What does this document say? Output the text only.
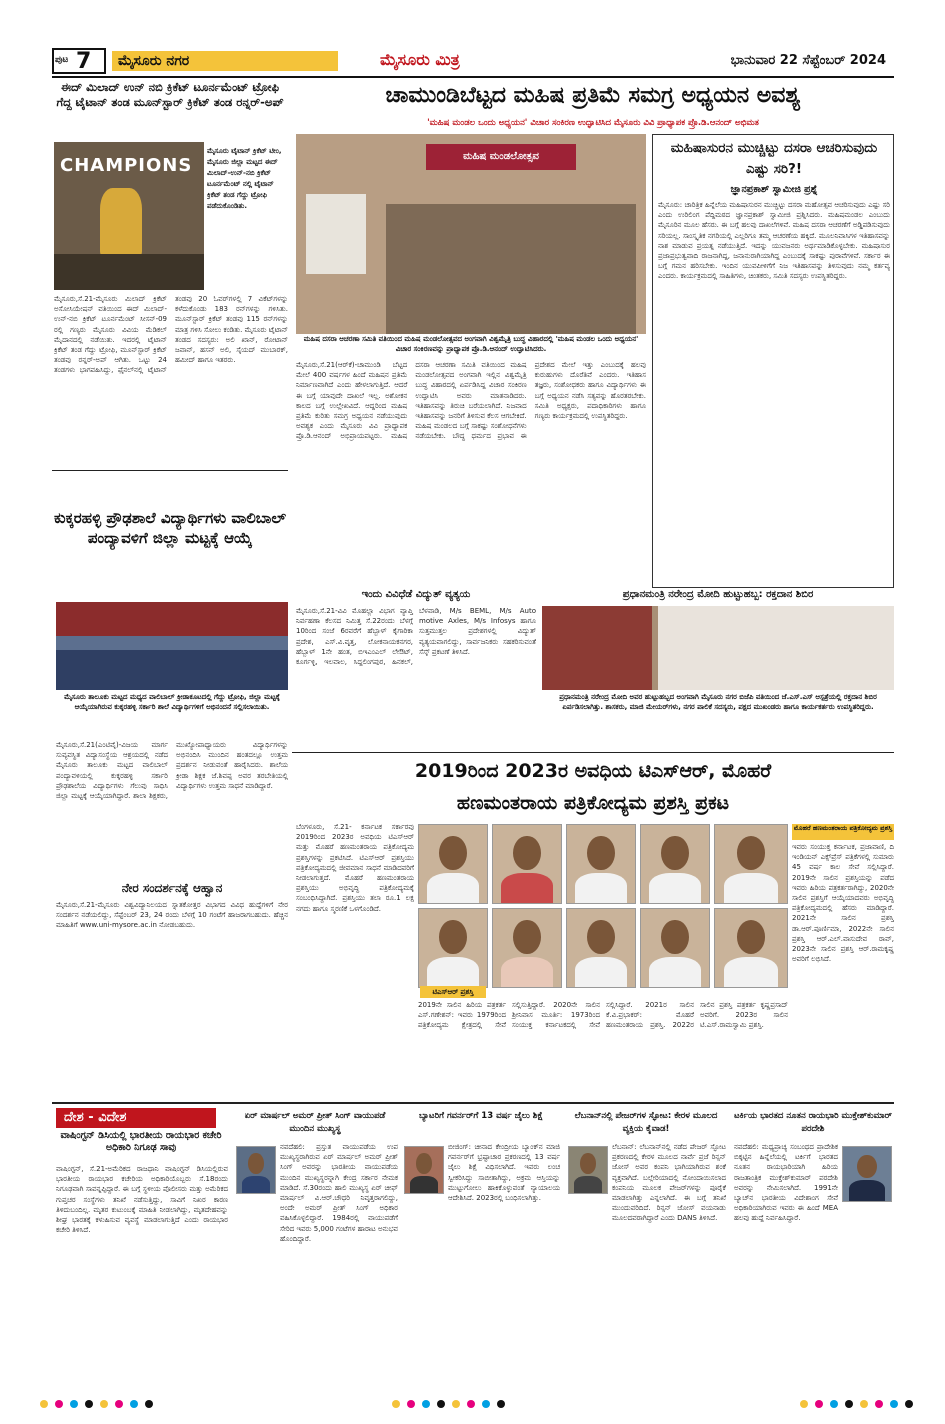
ಪುಟ 7	ಮೈಸೂರು ನಗರ	ಮೈಸೂರು ಮಿತ್ರ	ಭಾನುವಾರ 22 ಸೆಪ್ಟೆಂಬರ್ 2024
ಈದ್ ಮಿಲಾದ್ ಉನ್ ನಬಿ ಕ್ರಿಕೆಟ್ ಟೂರ್ನಮೆಂಟ್ ಟ್ರೋಫಿ ಗೆದ್ದ ಟೈಟಾನ್ ತಂಡ ಮೂನ್‌ಸ್ಟಾರ್ ಕ್ರಿಕೆಟ್ ತಂಡ ರನ್ನರ್-ಅಪ್
CHAMPIONS
ಮೈಸೂರು ಟೈಟಾನ್ ಕ್ರಿಕೆಟ್ ಟೀಂ, ಮೈಸೂರು ಜಿಲ್ಲಾ ಮಟ್ಟದ ಈದ್ ಮಿಲಾದ್-ಉನ್-ನಬಿ ಕ್ರಿಕೆಟ್ ಟೂರ್ನಮೆಂಟ್ ನಲ್ಲಿ ಟೈಟಾನ್ ಕ್ರಿಕೆಟ್ ತಂಡ ಗೆದ್ದು ಟ್ರೋಫಿ ಪಡೆದುಕೊಂಡಿತು.
ಮೈಸೂರು,ಸೆ.21-ಮೈಸೂರು ಮಿಲಾದ್ ಕ್ರಿಕೆಟ್ ಅಸೋಸಿಯೇಷನ್ ವತಿಯಿಂದ ಈದ್ ಮಿಲಾದ್-ಉನ್-ನಬಿ ಕ್ರಿಕೆಟ್ ಟೂರ್ನಮೆಂಟ್ ಸೀಸನ್-09 ರಲ್ಲಿ ಗಣ್ಯರು ಮೈಸೂರು ವಿವಿಯ ಮೆಡಿಕಲ್ ಮೈದಾನದಲ್ಲಿ ನಡೆಯಿತು. ಇದರಲ್ಲಿ ಟೈಟಾನ್ ಕ್ರಿಕೆಟ್ ತಂಡ ಗೆದ್ದು ಟ್ರೋಫಿ, ಮೂನ್‌ಸ್ಟಾರ್ ಕ್ರಿಕೆಟ್ ತಂಡವು ರನ್ನರ್-ಅಪ್ ಆಗಿತು. ಒಟ್ಟು 24 ತಂಡಗಳು ಭಾಗವಹಿಸಿದ್ದು, ಫೈನಲ್‌ನಲ್ಲಿ ಟೈಟಾನ್ ತಂಡವು 20 ಓವರ್‌ಗಳಲ್ಲಿ 7 ವಿಕೆಟ್‌ಗಳನ್ನು ಕಳೆದುಕೊಂಡು 183 ರನ್‌ಗಳನ್ನು ಗಳಿಸಿತು. ಮೂನ್‌ಸ್ಟಾರ್ ಕ್ರಿಕೆಟ್ ತಂಡವು 115 ರನ್‌ಗಳನ್ನು ಮಾತ್ರ ಗಳಿಸಿ ಸೋಲು ಕಂಡಿತು. ಮೈಸೂರು ಟೈಟಾನ್ ತಂಡದ ಸದಸ್ಯರು: ಅಲಿ ಖಾನ್, ರೋಟಾನ್ ಜವಾನ್, ಹಸನ್ ಅಲಿ, ಸೈಯದ್ ಮುಬಾರಕ್, ಹಮೀದ್ ಹಾಗೂ ಇತರರು.
ಕುಕ್ಕರಹಳ್ಳಿ ಪ್ರೌಢಶಾಲೆ ವಿದ್ಯಾರ್ಥಿಗಳು ವಾಲಿಬಾಲ್ ಪಂದ್ಯಾವಳಿಗೆ ಜಿಲ್ಲಾ ಮಟ್ಟಕ್ಕೆ ಆಯ್ಕೆ
ಮೈಸೂರು ತಾಲೂಕು ಮಟ್ಟದ ಮಧ್ಯದ ವಾಲಿಬಾಲ್ ಕ್ರೀಡಾಕೂಟದಲ್ಲಿ ಗೆದ್ದು ಟ್ರೋಫಿ, ಜಿಲ್ಲಾ ಮಟ್ಟಕ್ಕೆ ಆಯ್ಕೆಯಾಗಿರುವ ಕುಕ್ಕರಹಳ್ಳಿ ಸರ್ಕಾರಿ ಶಾಲೆ ವಿದ್ಯಾರ್ಥಿಗಳಿಗೆ ಅಭಿನಂದನೆ ಸಲ್ಲಿಸಲಾಯಿತು.
ಮೈಸೂರು,ಸೆ.21(ಎಂಟಿವೈ)-ವಿಜಯ ಮಾರ್ಗ ಸುವ್ಯವಸ್ಥಿತ ವಿದ್ಯಾಸಂಸ್ಥೆಯ ಆಶ್ರಯದಲ್ಲಿ ನಡೆದ ಮೈಸೂರು ತಾಲೂಕು ಮಟ್ಟದ ವಾಲಿಬಾಲ್ ಪಂದ್ಯಾವಳಿಯಲ್ಲಿ ಕುಕ್ಕರಹಳ್ಳಿ ಸರ್ಕಾರಿ ಪ್ರೌಢಶಾಲೆಯ ವಿದ್ಯಾರ್ಥಿಗಳು ಗೆಲುವು ಸಾಧಿಸಿ ಜಿಲ್ಲಾ ಮಟ್ಟಕ್ಕೆ ಆಯ್ಕೆಯಾಗಿದ್ದಾರೆ. ಶಾಲಾ ಶಿಕ್ಷಕರು, ಮುಖ್ಯೋಪಾಧ್ಯಾಯರು ವಿದ್ಯಾರ್ಥಿಗಳನ್ನು ಅಭಿನಂದಿಸಿ ಮುಂದಿನ ಹಂತದಲ್ಲೂ ಉತ್ತಮ ಪ್ರದರ್ಶನ ನೀಡುವಂತೆ ಹಾರೈಸಿದರು. ಶಾಲೆಯ ಕ್ರೀಡಾ ಶಿಕ್ಷಕ ಜೆ.ಶಿವಪ್ಪ ಅವರ ತರಬೇತಿಯಲ್ಲಿ ವಿದ್ಯಾರ್ಥಿಗಳು ಉತ್ತಮ ಸಾಧನೆ ಮಾಡಿದ್ದಾರೆ.
ನೇರ ಸಂದರ್ಶನಕ್ಕೆ ಆಹ್ವಾನ
ಮೈಸೂರು,ಸೆ.21-ಮೈಸೂರು ವಿಶ್ವವಿದ್ಯಾನಿಲಯದ ಸ್ನಾತಕೋತ್ತರ ವಿಭಾಗದ ವಿವಿಧ ಹುದ್ದೆಗಳಿಗೆ ನೇರ ಸಂದರ್ಶನ ನಡೆಯಲಿದ್ದು, ಸೆಪ್ಟೆಂಬರ್ 23, 24 ರಂದು ಬೆಳಗ್ಗೆ 10 ಗಂಟೆಗೆ ಹಾಜರಾಗಬಹುದು. ಹೆಚ್ಚಿನ ಮಾಹಿತಿಗೆ www.uni-mysore.ac.in ನೋಡಬಹುದು.
ಚಾಮುಂಡಿಬೆಟ್ಟದ ಮಹಿಷ ಪ್ರತಿಮೆ ಸಮಗ್ರ ಅಧ್ಯಯನ ಅವಶ್ಯ
'ಮಹಿಷ ಮಂಡಲ ಒಂದು ಅಧ್ಯಯನ' ವಿಚಾರ ಸಂಕಿರಣ ಉದ್ಘಾಟಿಸಿದ ಮೈಸೂರು ವಿವಿ ಪ್ರಾಧ್ಯಾಪಕ ಪ್ರೊ.ಡಿ.ಆನಂದ್ ಅಭಿಮತ
ಮಹಿಷ ಮಂಡಲೋತ್ಸವ
ಮಹಿಷ ದಸರಾ ಆಚರಣಾ ಸಮಿತಿ ವತಿಯಿಂದ ಮಹಿಷ ಮಂಡಲೋತ್ಸವದ ಅಂಗವಾಗಿ ವಿಶ್ವಮೈತ್ರಿ ಬುದ್ಧ ವಿಹಾರದಲ್ಲಿ 'ಮಹಿಷ ಮಂಡಲ ಒಂದು ಅಧ್ಯಯನ' ವಿಚಾರ ಸಂಕಿರಣವನ್ನು ಪ್ರಾಧ್ಯಾಪಕ ಪ್ರೊ.ಡಿ.ಆನಂದ್ ಉದ್ಘಾಟಿಸಿದರು.
ಮೈಸೂರು,ಸೆ.21(ಆರ್‌ಕೆ)-ಚಾಮುಂಡಿ ಬೆಟ್ಟದ ಮೇಲೆ 400 ವರ್ಷಗಳ ಹಿಂದೆ ಮಹಿಷನ ಪ್ರತಿಮೆ ನಿರ್ಮಾಣವಾಗಿದೆ ಎಂದು ಹೇಳಲಾಗುತ್ತಿದೆ. ಆದರೆ ಈ ಬಗ್ಗೆ ಯಾವುದೇ ದಾಖಲೆ ಇಲ್ಲ. ಅಶೋಕನ ಕಾಲದ ಬಗ್ಗೆ ಉಲ್ಲೇಖವಿದೆ. ಆದ್ದರಿಂದ ಮಹಿಷ ಪ್ರತಿಮೆ ಕುರಿತು ಸಮಗ್ರ ಅಧ್ಯಯನ ನಡೆಯುವುದು ಅವಶ್ಯಕ ಎಂದು ಮೈಸೂರು ವಿವಿ ಪ್ರಾಧ್ಯಾಪಕ ಪ್ರೊ.ಡಿ.ಆನಂದ್ ಅಭಿಪ್ರಾಯಪಟ್ಟರು. ಮಹಿಷ ದಸರಾ ಆಚರಣಾ ಸಮಿತಿ ವತಿಯಿಂದ ಮಹಿಷ ಮಂಡಲೋತ್ಸವದ ಅಂಗವಾಗಿ ಇಲ್ಲಿನ ವಿಶ್ವಮೈತ್ರಿ ಬುದ್ಧ ವಿಹಾರದಲ್ಲಿ ಏರ್ಪಡಿಸಿದ್ದ ವಿಚಾರ ಸಂಕಿರಣ ಉದ್ಘಾಟಿಸಿ ಅವರು ಮಾತನಾಡಿದರು. ಇತಿಹಾಸವನ್ನು ತಿರುಚಿ ಬರೆಯಲಾಗಿದೆ. ನಿಜವಾದ ಇತಿಹಾಸವನ್ನು ಜನರಿಗೆ ತಿಳಿಸುವ ಕೆಲಸ ಆಗಬೇಕಿದೆ. ಮಹಿಷ ಮಂಡಲದ ಬಗ್ಗೆ ಸಾಕಷ್ಟು ಸಂಶೋಧನೆಗಳು ನಡೆಯಬೇಕು. ಬೌದ್ಧ ಧರ್ಮದ ಪ್ರಭಾವ ಈ ಪ್ರದೇಶದ ಮೇಲೆ ಇತ್ತು ಎಂಬುದಕ್ಕೆ ಹಲವು ಕುರುಹುಗಳು ದೊರೆತಿವೆ ಎಂದರು. ಇತಿಹಾಸ ತಜ್ಞರು, ಸಂಶೋಧಕರು ಹಾಗೂ ವಿದ್ಯಾರ್ಥಿಗಳು ಈ ಬಗ್ಗೆ ಅಧ್ಯಯನ ನಡೆಸಿ ಸತ್ಯವನ್ನು ಹೊರತರಬೇಕು. ಸಮಿತಿ ಅಧ್ಯಕ್ಷರು, ಪದಾಧಿಕಾರಿಗಳು ಹಾಗೂ ಗಣ್ಯರು ಕಾರ್ಯಕ್ರಮದಲ್ಲಿ ಉಪಸ್ಥಿತರಿದ್ದರು.
ಮಹಿಷಾಸುರನ ಮುಚ್ಚಿಟ್ಟು ದಸರಾ ಆಚರಿಸುವುದು ಎಷ್ಟು ಸರಿ?!
ಜ್ಞಾನಪ್ರಕಾಶ್ ಸ್ವಾಮೀಜಿ ಪ್ರಶ್ನೆ
ಮೈಸೂರು: ಚಾರಿತ್ರಿಕ ಹಿನ್ನೆಲೆಯ ಮಹಿಷಾಸುರನ ಮುಚ್ಚಿಟ್ಟು ದಸರಾ ಮಹೋತ್ಸವ ಆಚರಿಸುವುದು ಎಷ್ಟು ಸರಿ ಎಂದು ಉರಿಲಿಂಗ ಪೆದ್ದಿಮಠದ ಜ್ಞಾನಪ್ರಕಾಶ್ ಸ್ವಾಮೀಜಿ ಪ್ರಶ್ನಿಸಿದರು. ಮಹಿಷಮಂಡಲ ಎಂಬುದು ಮೈಸೂರಿನ ಮೂಲ ಹೆಸರು. ಈ ಬಗ್ಗೆ ಹಲವು ದಾಖಲೆಗಳಿವೆ. ಮಹಿಷ ದಸರಾ ಆಚರಣೆಗೆ ಅಡ್ಡಿಪಡಿಸುವುದು ಸರಿಯಲ್ಲ. ಸಾಂಸ್ಕೃತಿಕ ನಗರಿಯಲ್ಲಿ ಎಲ್ಲರಿಗೂ ತಮ್ಮ ಆಚರಣೆಯ ಹಕ್ಕಿದೆ. ಮೂಲನಿವಾಸಿಗಳ ಇತಿಹಾಸವನ್ನು ನಾಶ ಮಾಡುವ ಪ್ರಯತ್ನ ನಡೆಯುತ್ತಿದೆ. ಇದನ್ನು ಯುವಜನರು ಅರ್ಥಮಾಡಿಕೊಳ್ಳಬೇಕು. ಮಹಿಷಾಸುರ ಪ್ರಜಾಪ್ರಭುತ್ವವಾದಿ ರಾಜನಾಗಿದ್ದ, ಜನಾನುರಾಗಿಯಾಗಿದ್ದ ಎಂಬುದಕ್ಕೆ ಸಾಕಷ್ಟು ಪುರಾವೆಗಳಿವೆ. ಸರ್ಕಾರ ಈ ಬಗ್ಗೆ ಗಮನ ಹರಿಸಬೇಕು. ಇಂದಿನ ಯುವಪೀಳಿಗೆಗೆ ನಿಜ ಇತಿಹಾಸವನ್ನು ತಿಳಿಸುವುದು ನಮ್ಮ ಕರ್ತವ್ಯ ಎಂದರು. ಕಾರ್ಯಕ್ರಮದಲ್ಲಿ ಸಾಹಿತಿಗಳು, ಚಿಂತಕರು, ಸಮಿತಿ ಸದಸ್ಯರು ಉಪಸ್ಥಿತರಿದ್ದರು.
ಇಂದು ವಿವಿಧೆಡೆ ವಿದ್ಯುತ್ ವ್ಯತ್ಯಯ
ಮೈಸೂರು,ಸೆ.21-ವಿವಿ ಮೊಹಲ್ಲಾ ವಿಭಾಗ ವ್ಯಾಪ್ತಿ ನಿರ್ವಹಣಾ ಕೆಲಸದ ನಿಮಿತ್ತ ಸೆ.22ರಂದು ಬೆಳಗ್ಗೆ 10ರಿಂದ ಸಂಜೆ 6ರವರೆಗೆ ಹೆಬ್ಬಾಳ್ ಕೈಗಾರಿಕಾ ಪ್ರದೇಶ, ಎಸ್.ವಿ.ವೃತ್ತ, ಲೋಕನಾಯಕನಗರ, ಹೆಬ್ಬಾಳ್ 1ನೇ ಹಂತ, ಬಿಇಎಂಎಲ್ ಲೇಔಟ್, ಕೂರ್ಗಳ್ಳಿ, ಇಲವಾಲ, ಸಿದ್ದಲಿಂಗಪುರ, ಹಿನಕಲ್, ಬೆಳವಾಡಿ, M/s BEML, M/s Auto motive Axles, M/s Infosys ಹಾಗೂ ಸುತ್ತಮುತ್ತಲ ಪ್ರದೇಶಗಳಲ್ಲಿ ವಿದ್ಯುತ್ ವ್ಯತ್ಯಯವಾಗಲಿದ್ದು, ಸಾರ್ವಜನಿಕರು ಸಹಕರಿಸುವಂತೆ ಸೆಸ್ಕ್ ಪ್ರಕಟಣೆ ತಿಳಿಸಿದೆ.
ಪ್ರಧಾನಮಂತ್ರಿ ನರೇಂದ್ರ ಮೋದಿ ಹುಟ್ಟುಹಬ್ಬ: ರಕ್ತದಾನ ಶಿಬಿರ
ಪ್ರಧಾನಮಂತ್ರಿ ನರೇಂದ್ರ ಮೋದಿ ಅವರ ಹುಟ್ಟುಹಬ್ಬದ ಅಂಗವಾಗಿ ಮೈಸೂರು ನಗರ ಬಿಜೆಪಿ ವತಿಯಿಂದ ಜೆ.ಎಸ್.ಎಸ್ ಆಸ್ಪತ್ರೆಯಲ್ಲಿ ರಕ್ತದಾನ ಶಿಬಿರ ಏರ್ಪಡಿಸಲಾಗಿತ್ತು. ಶಾಸಕರು, ಮಾಜಿ ಮೇಯರ್‌ಗಳು, ನಗರ ಪಾಲಿಕೆ ಸದಸ್ಯರು, ಪಕ್ಷದ ಮುಖಂಡರು ಹಾಗೂ ಕಾರ್ಯಕರ್ತರು ಉಪಸ್ಥಿತರಿದ್ದರು.
2019ರಿಂದ 2023ರ ಅವಧಿಯ ಟಿಎಸ್‌ಆರ್, ಮೊಹರೆ
ಹಣಮಂತರಾಯ ಪತ್ರಿಕೋದ್ಯಮ ಪ್ರಶಸ್ತಿ ಪ್ರಕಟ
ಬೆಂಗಳೂರು, ಸೆ.21- ಕರ್ನಾಟಕ ಸರ್ಕಾರವು 2019ರಿಂದ 2023ರ ಅವಧಿಯ ಟಿಎಸ್‌ಆರ್ ಮತ್ತು ಮೊಹರೆ ಹಣಮಂತರಾಯ ಪತ್ರಿಕೋದ್ಯಮ ಪ್ರಶಸ್ತಿಗಳನ್ನು ಪ್ರಕಟಿಸಿದೆ. ಟಿಎಸ್‌ಆರ್ ಪ್ರಶಸ್ತಿಯು ಪತ್ರಿಕೋದ್ಯಮದಲ್ಲಿ ಜೀವಮಾನ ಸಾಧನೆ ಮಾಡಿದವರಿಗೆ ನೀಡಲಾಗುತ್ತದೆ. ಮೊಹರೆ ಹಣಮಂತರಾಯ ಪ್ರಶಸ್ತಿಯು ಅಭಿವೃದ್ಧಿ ಪತ್ರಿಕೋದ್ಯಮಕ್ಕೆ ಸಂಬಂಧಿಸಿದ್ದಾಗಿದೆ. ಪ್ರಶಸ್ತಿಯು ತಲಾ ರೂ.1 ಲಕ್ಷ ನಗದು ಹಾಗೂ ಸ್ಮರಣಿಕೆ ಒಳಗೊಂಡಿದೆ.
ಟಿಎಸ್‌ಆರ್ ಪ್ರಶಸ್ತಿ
ಮೊಹರೆ ಹಣಮಂತರಾಯ ಪತ್ರಿಕೋದ್ಯಮ ಪ್ರಶಸ್ತಿ
ಇವರು ಸಂಯುಕ್ತ ಕರ್ನಾಟಕ, ಪ್ರಜಾವಾಣಿ, ದಿ ಇಂಡಿಯನ್ ಎಕ್ಸ್‌ಪ್ರೆಸ್ ಪತ್ರಿಕೆಗಳಲ್ಲಿ ಸುಮಾರು 45 ವರ್ಷ ಕಾಲ ಸೇವೆ ಸಲ್ಲಿಸಿದ್ದಾರೆ. 2019ನೇ ಸಾಲಿನ ಪ್ರಶಸ್ತಿಯನ್ನು ಪಡೆದ ಇವರು ಹಿರಿಯ ಪತ್ರಕರ್ತರಾಗಿದ್ದು, 2020ನೇ ಸಾಲಿನ ಪ್ರಶಸ್ತಿಗೆ ಆಯ್ಕೆಯಾದವರು ಅಭಿವೃದ್ಧಿ ಪತ್ರಿಕೋದ್ಯಮದಲ್ಲಿ ಹೆಸರು ಮಾಡಿದ್ದಾರೆ. 2021ನೇ ಸಾಲಿನ ಪ್ರಶಸ್ತಿ ಡಾ.ಆರ್.ಪೂರ್ಣಿಮಾ, 2022ನೇ ಸಾಲಿನ ಪ್ರಶಸ್ತಿ ಆರ್.ಎಲ್.ವಾಸುದೇವ ರಾವ್, 2023ನೇ ಸಾಲಿನ ಪ್ರಶಸ್ತಿ ಆರ್.ರಾಮಕೃಷ್ಣ ಅವರಿಗೆ ಲಭಿಸಿದೆ.
2019ನೇ ಸಾಲಿನ ಹಿರಿಯ ಪತ್ರಕರ್ತ ಎಸ್.ಗಣೇಶನ್: ಇವರು 1979ರಿಂದ ಪತ್ರಿಕೋದ್ಯಮ ಕ್ಷೇತ್ರದಲ್ಲಿ ಸೇವೆ ಸಲ್ಲಿಸುತ್ತಿದ್ದಾರೆ. 2020ನೇ ಸಾಲಿನ ಶ್ರೀನಿವಾಸ ಮೂರ್ತಿ: 1973ರಿಂದ ಸಂಯುಕ್ತ ಕರ್ನಾಟಕದಲ್ಲಿ ಸೇವೆ ಸಲ್ಲಿಸಿದ್ದಾರೆ. 2021ರ ಸಾಲಿನ ಕೆ.ವಿ.ಪ್ರಭಾಕರ್: ಮೊಹರೆ ಹಣಮಂತರಾಯ ಪ್ರಶಸ್ತಿ. 2022ರ ಸಾಲಿನ ಪ್ರಶಸ್ತಿ ಪತ್ರಕರ್ತ ಕೃಷ್ಣಪ್ರಸಾದ್ ಅವರಿಗೆ. 2023ರ ಸಾಲಿನ ಟಿ.ಎಸ್.ರಾಮಸ್ವಾಮಿ ಪ್ರಶಸ್ತಿ.
ದೇಶ - ವಿದೇಶ
ವಾಷಿಂಗ್ಟನ್ ಡಿಸಿಯಲ್ಲಿ ಭಾರತೀಯ ರಾಯಭಾರ ಕಚೇರಿ ಅಧಿಕಾರಿ ನಿಗೂಢ ಸಾವು
ವಾಷಿಂಗ್ಟನ್, ಸೆ.21-ಅಮೆರಿಕದ ರಾಜಧಾನಿ ವಾಷಿಂಗ್ಟನ್ ಡಿಸಿಯಲ್ಲಿರುವ ಭಾರತೀಯ ರಾಯಭಾರ ಕಚೇರಿಯ ಅಧಿಕಾರಿಯೊಬ್ಬರು ಸೆ.18ರಂದು ನಿಗೂಢವಾಗಿ ಸಾವನ್ನಪ್ಪಿದ್ದಾರೆ. ಈ ಬಗ್ಗೆ ಸ್ಥಳೀಯ ಪೊಲೀಸರು ಮತ್ತು ಅಮೆರಿಕದ ಗುಪ್ತಚರ ಸಂಸ್ಥೆಗಳು ತನಿಖೆ ನಡೆಸುತ್ತಿದ್ದು, ಸಾವಿಗೆ ನಿಖರ ಕಾರಣ ತಿಳಿದುಬಂದಿಲ್ಲ. ಮೃತರ ಕುಟುಂಬಕ್ಕೆ ಮಾಹಿತಿ ನೀಡಲಾಗಿದ್ದು, ಮೃತದೇಹವನ್ನು ಶೀಘ್ರ ಭಾರತಕ್ಕೆ ಕಳುಹಿಸುವ ವ್ಯವಸ್ಥೆ ಮಾಡಲಾಗುತ್ತಿದೆ ಎಂದು ರಾಯಭಾರ ಕಚೇರಿ ತಿಳಿಸಿದೆ.
ಏರ್ ಮಾರ್ಷಲ್ ಅಮರ್ ಪ್ರೀತ್ ಸಿಂಗ್ ವಾಯುಪಡೆ ಮುಂದಿನ ಮುಖ್ಯಸ್ಥ
ನವದೆಹಲಿ: ಪ್ರಸ್ತುತ ವಾಯುಪಡೆಯ ಉಪ ಮುಖ್ಯಸ್ಥರಾಗಿರುವ ಏರ್ ಮಾರ್ಷಲ್ ಅಮರ್ ಪ್ರೀತ್ ಸಿಂಗ್ ಅವರನ್ನು ಭಾರತೀಯ ವಾಯುಪಡೆಯ ಮುಂದಿನ ಮುಖ್ಯಸ್ಥರನ್ನಾಗಿ ಕೇಂದ್ರ ಸರ್ಕಾರ ನೇಮಕ ಮಾಡಿದೆ. ಸೆ.30ರಂದು ಹಾಲಿ ಮುಖ್ಯಸ್ಥ ಏರ್ ಚೀಫ್ ಮಾರ್ಷಲ್ ವಿ.ಆರ್.ಚೌಧರಿ ನಿವೃತ್ತರಾಗಲಿದ್ದು, ಅಂದೇ ಅಮರ್ ಪ್ರೀತ್ ಸಿಂಗ್ ಅಧಿಕಾರ ವಹಿಸಿಕೊಳ್ಳಲಿದ್ದಾರೆ. 1984ರಲ್ಲಿ ವಾಯುಪಡೆಗೆ ಸೇರಿದ ಇವರು 5,000 ಗಂಟೆಗಳ ಹಾರಾಟ ಅನುಭವ ಹೊಂದಿದ್ದಾರೆ.
ಬ್ಯಾಟರಿಗೆ ಗವರ್ನರ್‌ಗೆ 13 ವರ್ಷ ಜೈಲು ಶಿಕ್ಷೆ
ಬೀಜಿಂಗ್: ಚೀನಾದ ಕೇಂದ್ರೀಯ ಬ್ಯಾಂಕ್‌ನ ಮಾಜಿ ಗವರ್ನರ್‌ಗೆ ಭ್ರಷ್ಟಾಚಾರ ಪ್ರಕರಣದಲ್ಲಿ 13 ವರ್ಷ ಜೈಲು ಶಿಕ್ಷೆ ವಿಧಿಸಲಾಗಿದೆ. ಇವರು ಲಂಚ ಸ್ವೀಕರಿಸಿದ್ದು ಸಾಬೀತಾಗಿದ್ದು, ಅಕ್ರಮ ಆಸ್ತಿಯನ್ನು ಮುಟ್ಟುಗೋಲು ಹಾಕಿಕೊಳ್ಳುವಂತೆ ನ್ಯಾಯಾಲಯ ಆದೇಶಿಸಿದೆ. 2023ರಲ್ಲಿ ಬಂಧಿಸಲಾಗಿತ್ತು.
ಲೆಬನಾನ್‌ನಲ್ಲಿ ಪೇಜರ್‌ಗಳ ಸ್ಫೋಟ: ಕೇರಳ ಮೂಲದ ವ್ಯಕ್ತಿಯ ಕೈವಾಡ!
ಲೆಬನಾನ್: ಲೆಬನಾನ್‌ನಲ್ಲಿ ನಡೆದ ಪೇಜರ್ ಸ್ಫೋಟ ಪ್ರಕರಣದಲ್ಲಿ ಕೇರಳ ಮೂಲದ ನಾರ್ವೆ ಪ್ರಜೆ ರಿನ್ಸನ್ ಜೋಸ್ ಅವರ ಕಂಪನಿ ಭಾಗಿಯಾಗಿರುವ ಶಂಕೆ ವ್ಯಕ್ತವಾಗಿದೆ. ಬಲ್ಗೇರಿಯಾದಲ್ಲಿ ನೋಂದಾಯಿಸಲಾದ ಕಂಪನಿಯ ಮೂಲಕ ಪೇಜರ್‌ಗಳನ್ನು ಪೂರೈಕೆ ಮಾಡಲಾಗಿತ್ತು ಎನ್ನಲಾಗಿದೆ. ಈ ಬಗ್ಗೆ ತನಿಖೆ ಮುಂದುವರಿದಿದೆ. ರಿನ್ಸನ್ ಜೋಸ್ ವಯನಾಡು ಮೂಲದವರಾಗಿದ್ದಾರೆ ಎಂದು DANS ತಿಳಿಸಿದೆ.
ಟರ್ಕಿಯ ಭಾರತದ ನೂತನ ರಾಯಭಾರಿ ಮುಕ್ತೇಶ್‌ಕುಮಾರ್ ಪರದೇಶಿ
ನವದೆಹಲಿ: ಮಧ್ಯಪ್ರಾಚ್ಯ ಸಂಬಂಧದ ಪ್ರಾದೇಶಿಕ ಬಿಕ್ಕಟ್ಟಿನ ಹಿನ್ನೆಲೆಯಲ್ಲಿ ಟರ್ಕಿಗೆ ಭಾರತದ ನೂತನ ರಾಯಭಾರಿಯಾಗಿ ಹಿರಿಯ ರಾಜತಾಂತ್ರಿಕ ಮುಕ್ತೇಶ್‌ಕುಮಾರ್ ಪರದೇಶಿ ಅವರನ್ನು ನೇಮಿಸಲಾಗಿದೆ. 1991ನೇ ಬ್ಯಾಚ್‌ನ ಭಾರತೀಯ ವಿದೇಶಾಂಗ ಸೇವೆ ಅಧಿಕಾರಿಯಾಗಿರುವ ಇವರು ಈ ಹಿಂದೆ MEA ಹಲವು ಹುದ್ದೆ ನಿರ್ವಹಿಸಿದ್ದಾರೆ.
